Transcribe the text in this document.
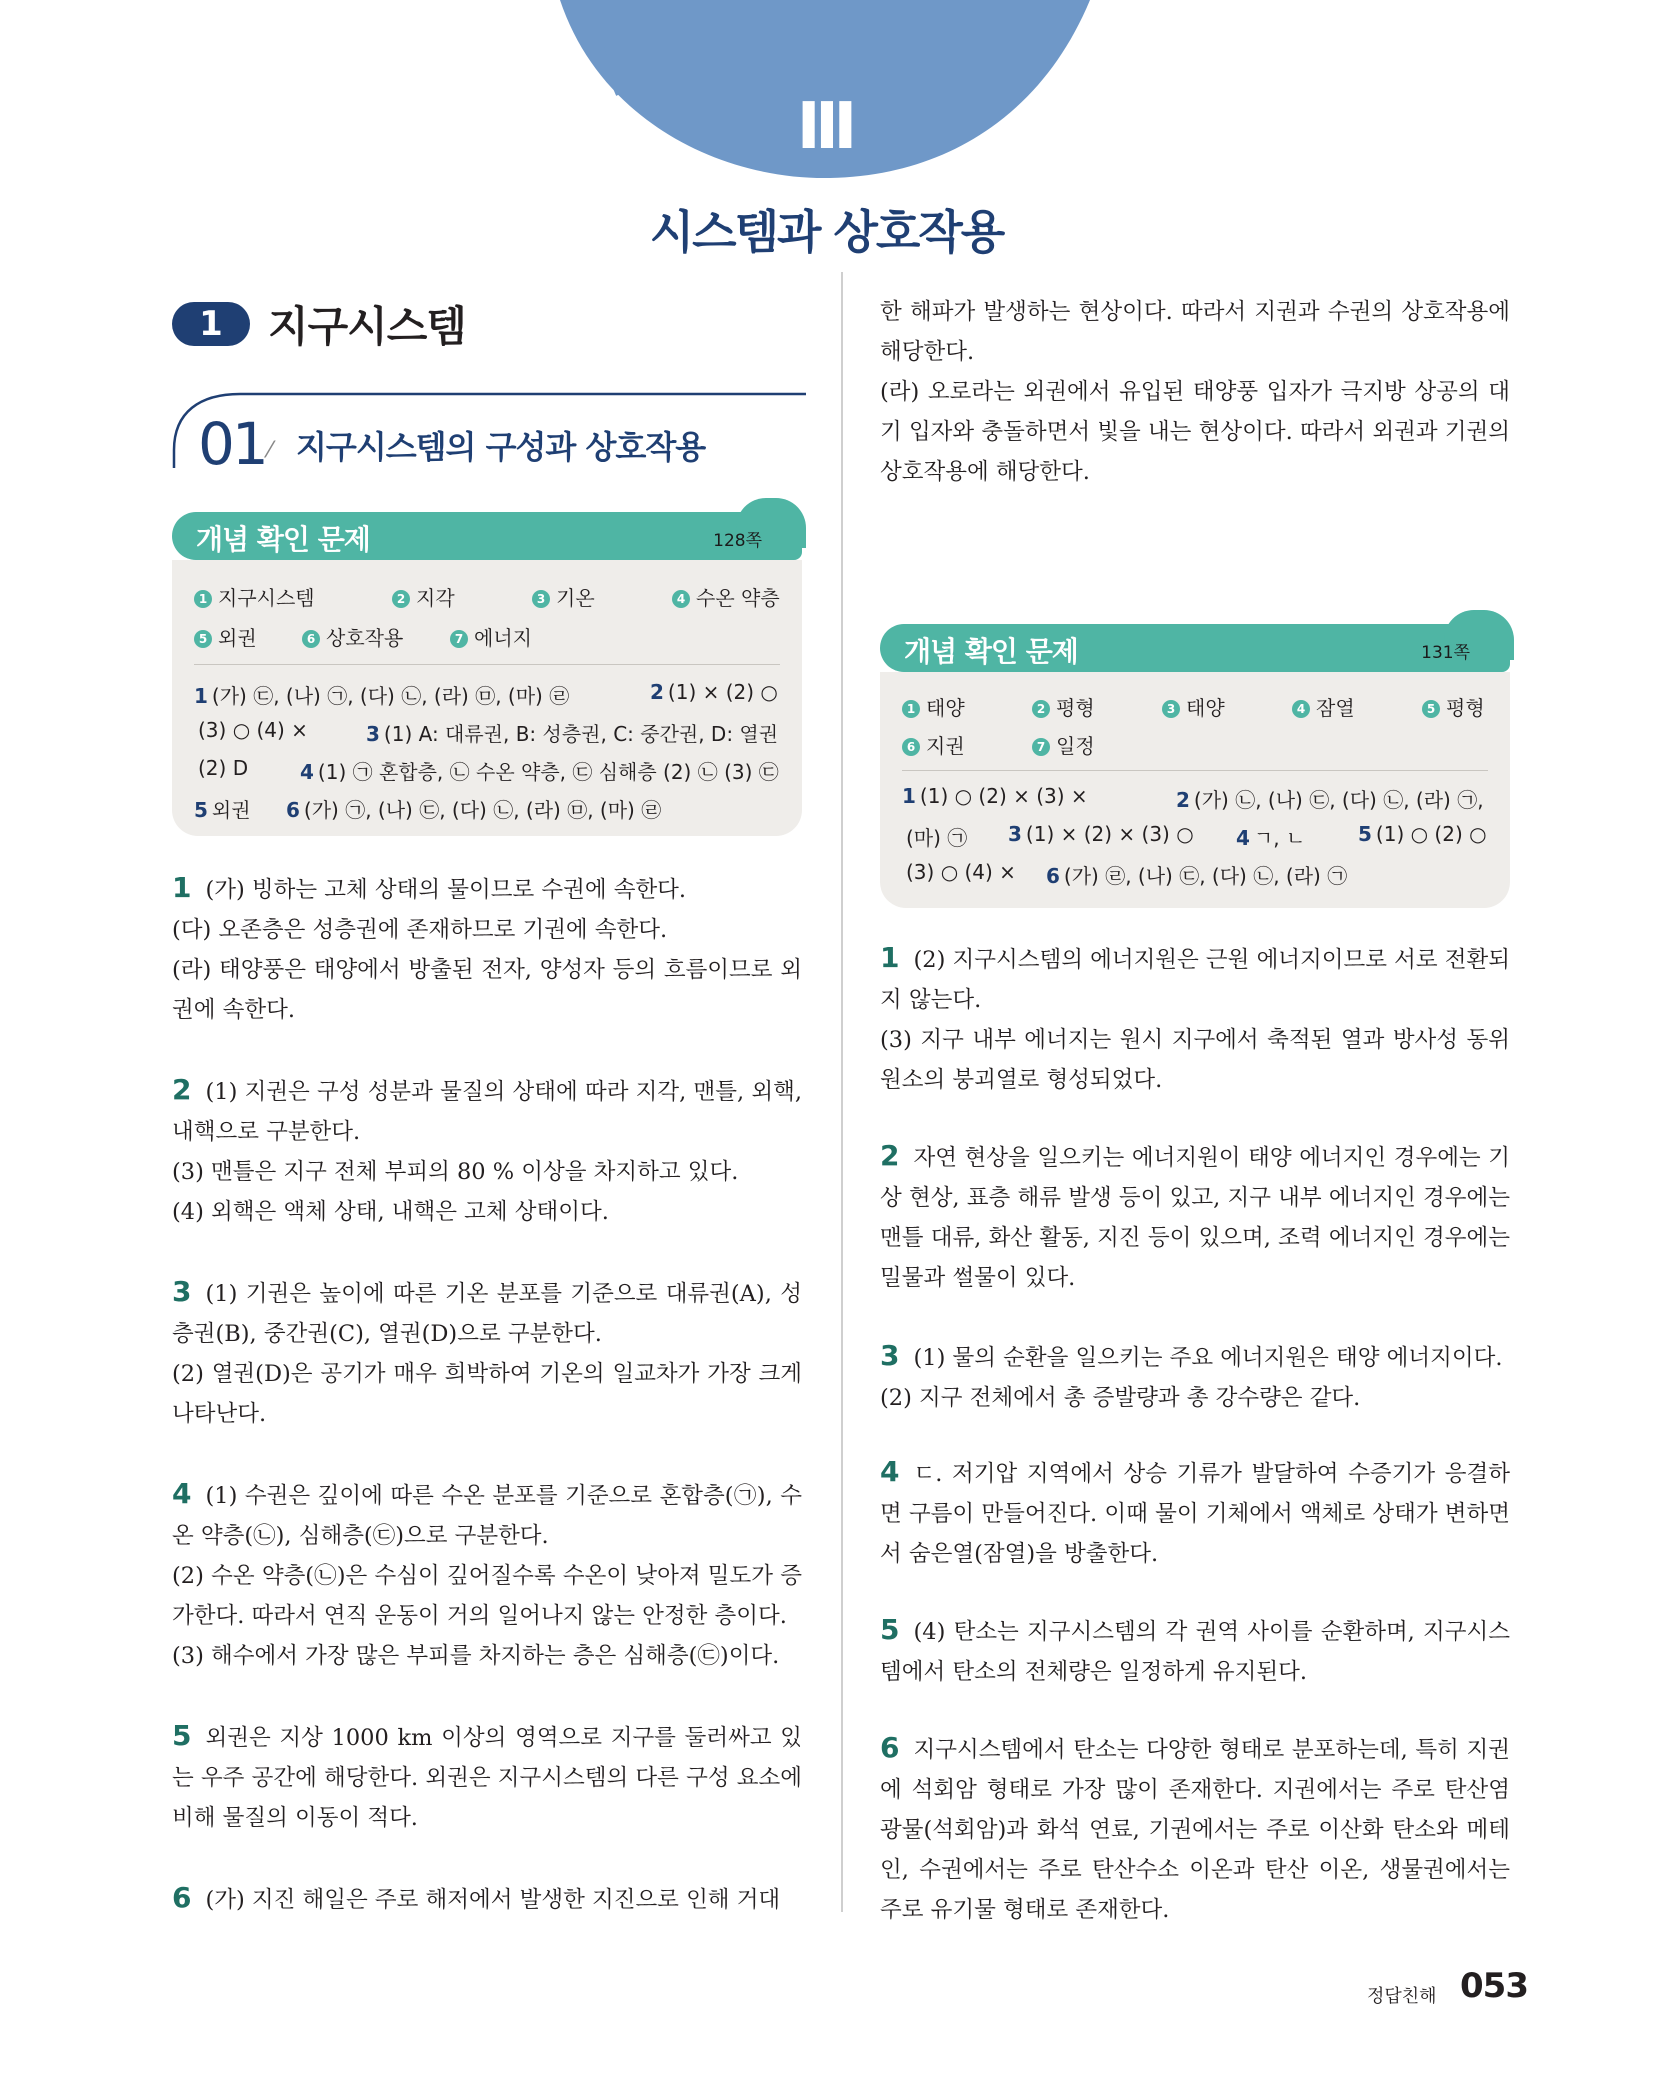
Ⅲ
시스템과 상호작용
1	지구시스템
01 ⁄ 지구시스템의 구성과 상호작용
개념 확인 문제	128쪽
1 지구시스템	2 지각	3 기온	4 수온 약층
5 외권	6 상호작용	7 에너지
1 (가) ㉢, (나) ㉠, (다) ㉡, (라) ㉤, (마) ㉣	2 (1) × (2) ○
(3) ○ (4) ×	3 (1) A: 대류권, B: 성층권, C: 중간권, D: 열권
(2) D	4 (1) ㉠ 혼합층, ㉡ 수온 약층, ㉢ 심해층 (2) ㉡ (3) ㉢
5 외권 6 (가) ㉠, (나) ㉢, (다) ㉡, (라) ㉤, (마) ㉣

1 (가) 빙하는 고체 상태의 물이므로 수권에 속한다.

(다) 오존층은 성층권에 존재하므로 기권에 속한다.

(라) 태양풍은 태양에서 방출된 전자, 양성자 등의 흐름이므로 외권에 속한다.

2 (1) 지권은 구성 성분과 물질의 상태에 따라 지각, 맨틀, 외핵, 내핵으로 구분한다.

(3) 맨틀은 지구 전체 부피의 80 % 이상을 차지하고 있다.

(4) 외핵은 액체 상태, 내핵은 고체 상태이다.

3 (1) 기권은 높이에 따른 기온 분포를 기준으로 대류권(A), 성층권(B), 중간권(C), 열권(D)으로 구분한다.

(2) 열권(D)은 공기가 매우 희박하여 기온의 일교차가 가장 크게 나타난다.

4 (1) 수권은 깊이에 따른 수온 분포를 기준으로 혼합층(㉠), 수온 약층(㉡), 심해층(㉢)으로 구분한다.

(2) 수온 약층(㉡)은 수심이 깊어질수록 수온이 낮아져 밀도가 증가한다. 따라서 연직 운동이 거의 일어나지 않는 안정한 층이다.

(3) 해수에서 가장 많은 부피를 차지하는 층은 심해층(㉢)이다.

5 외권은 지상 1000 km 이상의 영역으로 지구를 둘러싸고 있는 우주 공간에 해당한다. 외권은 지구시스템의 다른 구성 요소에 비해 물질의 이동이 적다.

6 (가) 지진 해일은 주로 해저에서 발생한 지진으로 인해 거대

한 해파가 발생하는 현상이다. 따라서 지권과 수권의 상호작용에 해당한다.

(라) 오로라는 외권에서 유입된 태양풍 입자가 극지방 상공의 대기 입자와 충돌하면서 빛을 내는 현상이다. 따라서 외권과 기권의 상호작용에 해당한다.

개념 확인 문제	131쪽
1 태양	2 평형	3 태양	4 잠열	5 평형
6 지권	7 일정
1 (1) ○ (2) × (3) ×	2 (가) ㉡, (나) ㉢, (다) ㉡, (라) ㉠,
(마) ㉠ 3 (1) × (2) × (3) ○ 4 ㄱ, ㄴ	5 (1) ○ (2) ○
(3) ○ (4) × 6 (가) ㉣, (나) ㉢, (다) ㉡, (라) ㉠

1 (2) 지구시스템의 에너지원은 근원 에너지이므로 서로 전환되지 않는다.

(3) 지구 내부 에너지는 원시 지구에서 축적된 열과 방사성 동위원소의 붕괴열로 형성되었다.

2 자연 현상을 일으키는 에너지원이 태양 에너지인 경우에는 기상 현상, 표층 해류 발생 등이 있고, 지구 내부 에너지인 경우에는 맨틀 대류, 화산 활동, 지진 등이 있으며, 조력 에너지인 경우에는 밀물과 썰물이 있다.

3 (1) 물의 순환을 일으키는 주요 에너지원은 태양 에너지이다.

(2) 지구 전체에서 총 증발량과 총 강수량은 같다.

4 ㄷ. 저기압 지역에서 상승 기류가 발달하여 수증기가 응결하면 구름이 만들어진다. 이때 물이 기체에서 액체로 상태가 변하면서 숨은열(잠열)을 방출한다.

5 (4) 탄소는 지구시스템의 각 권역 사이를 순환하며, 지구시스템에서 탄소의 전체량은 일정하게 유지된다.

6 지구시스템에서 탄소는 다양한 형태로 분포하는데, 특히 지권에 석회암 형태로 가장 많이 존재한다. 지권에서는 주로 탄산염 광물(석회암)과 화석 연료, 기권에서는 주로 이산화 탄소와 메테인, 수권에서는 주로 탄산수소 이온과 탄산 이온, 생물권에서는 주로 유기물 형태로 존재한다.

정답친해 053
